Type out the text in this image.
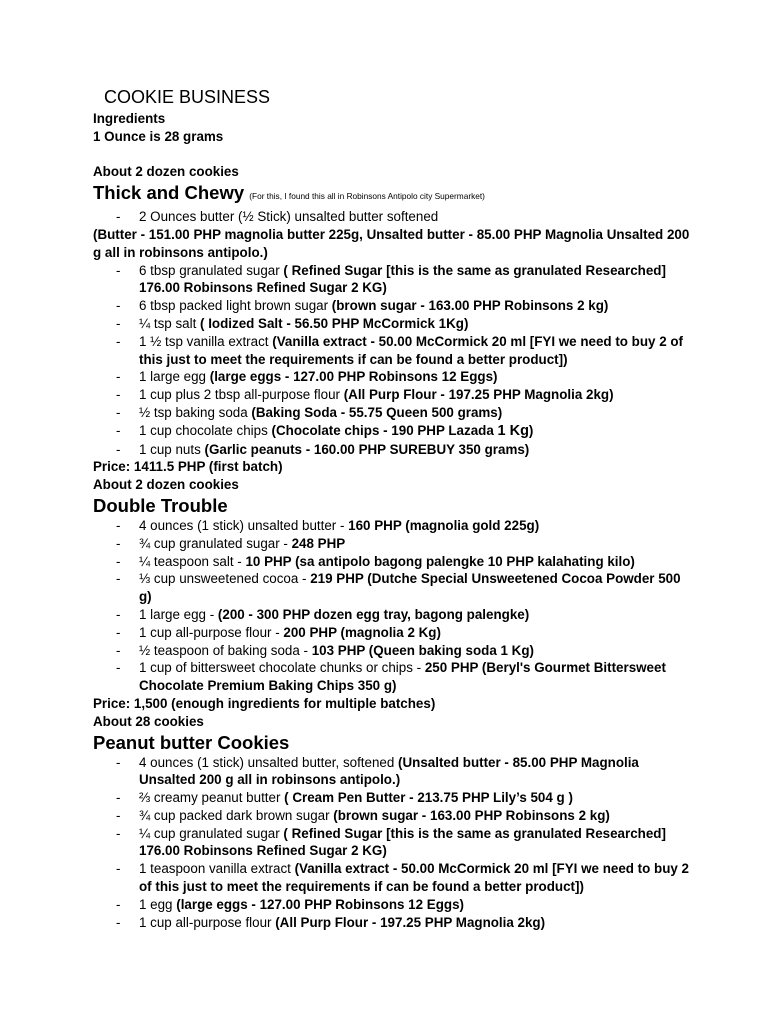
COOKIE BUSINESS
Ingredients
1 Ounce is 28 grams
About 2 dozen cookies
Thick and Chewy (For this, I found this all in Robinsons Antipolo city Supermarket)
- 2 Ounces butter (½ Stick) unsalted butter softened
(Butter - 151.00 PHP magnolia butter 225g, Unsalted butter - 85.00 PHP Magnolia Unsalted 200 g all in robinsons antipolo.)
- 6 tbsp granulated sugar ( Refined Sugar [this is the same as granulated Researched] 176.00 Robinsons Refined Sugar 2 KG)
- 6 tbsp packed light brown sugar (brown sugar - 163.00 PHP Robinsons 2 kg)
- ¼ tsp salt ( Iodized Salt - 56.50 PHP McCormick 1Kg)
- 1 ½ tsp vanilla extract (Vanilla extract - 50.00 McCormick 20 ml [FYI we need to buy 2 of this just to meet the requirements if can be found a better product])
- 1 large egg (large eggs - 127.00 PHP Robinsons 12 Eggs)
- 1 cup plus 2 tbsp all-purpose flour (All Purp Flour - 197.25 PHP Magnolia 2kg)
- ½ tsp baking soda (Baking Soda - 55.75 Queen 500 grams)
- 1 cup chocolate chips (Chocolate chips - 190 PHP Lazada 1 Kg)
- 1 cup nuts (Garlic peanuts - 160.00 PHP SUREBUY 350 grams)
Price: 1411.5 PHP (first batch)
About 2 dozen cookies
Double Trouble
- 4 ounces (1 stick) unsalted butter - 160 PHP (magnolia gold 225g)
- ¾ cup granulated sugar - 248 PHP
- ¼ teaspoon salt - 10 PHP (sa antipolo bagong palengke 10 PHP kalahating kilo)
- ⅓ cup unsweetened cocoa - 219 PHP (Dutche Special Unsweetened Cocoa Powder 500 g)
- 1 large egg - (200 - 300 PHP dozen egg tray, bagong palengke)
- 1 cup all-purpose flour - 200 PHP (magnolia 2 Kg)
- ½ teaspoon of baking soda - 103 PHP (Queen baking soda 1 Kg)
- 1 cup of bittersweet chocolate chunks or chips - 250 PHP (Beryl's Gourmet Bittersweet Chocolate Premium Baking Chips 350 g)
Price: 1,500 (enough ingredients for multiple batches)
About 28 cookies
Peanut butter Cookies
- 4 ounces (1 stick) unsalted butter, softened (Unsalted butter - 85.00 PHP Magnolia Unsalted 200 g all in robinsons antipolo.)
- ⅔ creamy peanut butter ( Cream Pen Butter - 213.75 PHP Lily’s 504 g )
- ¾ cup packed dark brown sugar (brown sugar - 163.00 PHP Robinsons 2 kg)
- ¼ cup granulated sugar ( Refined Sugar [this is the same as granulated Researched] 176.00 Robinsons Refined Sugar 2 KG)
- 1 teaspoon vanilla extract (Vanilla extract - 50.00 McCormick 20 ml [FYI we need to buy 2 of this just to meet the requirements if can be found a better product])
- 1 egg (large eggs - 127.00 PHP Robinsons 12 Eggs)
- 1 cup all-purpose flour (All Purp Flour - 197.25 PHP Magnolia 2kg)
